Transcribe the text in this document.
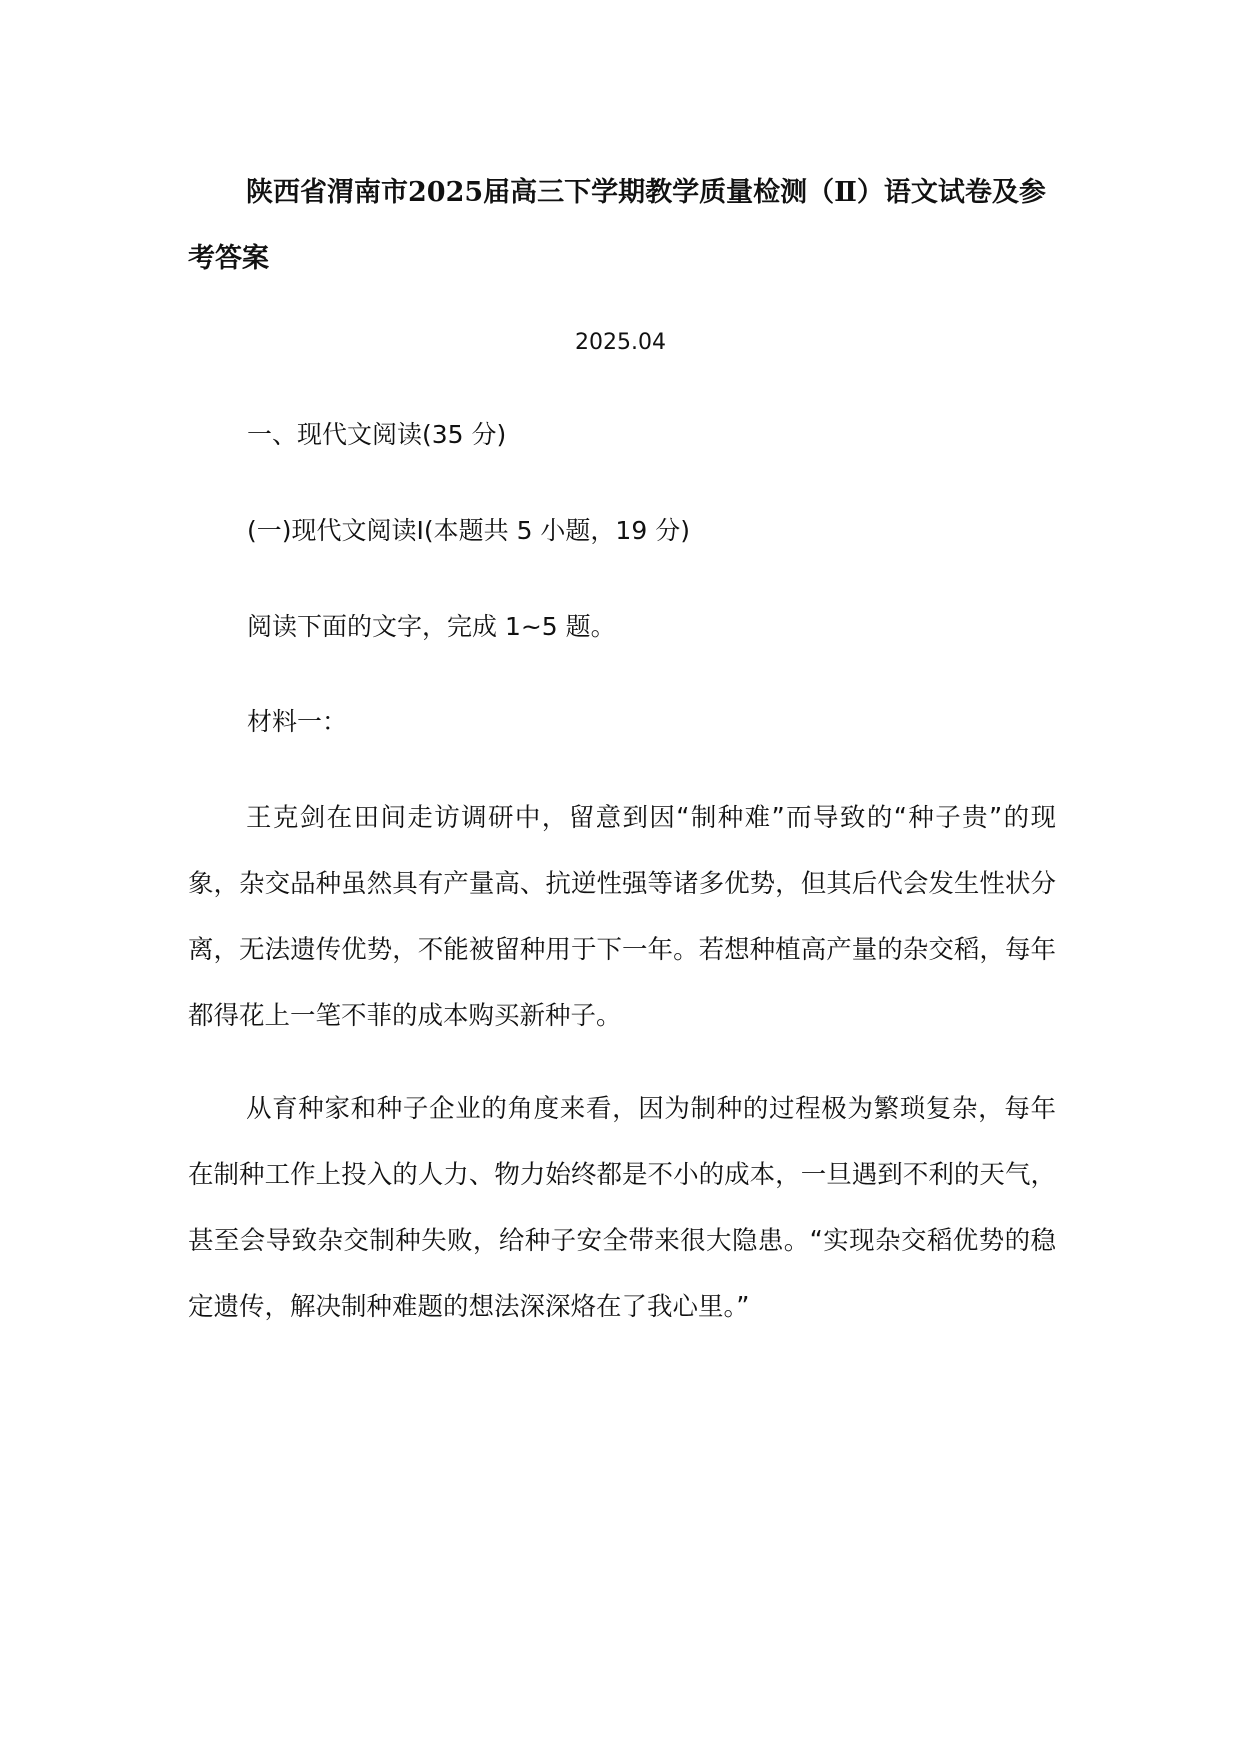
陕西省渭南市2025届高三下学期教学质量检测（Ⅱ）语文试卷及参考答案
2025.04
一、现代文阅读(35 分)
(一)现代文阅读Ⅰ(本题共 5 小题，19 分)
阅读下面的文字，完成 1~5 题。
材料一：
王克剑在田间走访调研中，留意到因“制种难”而导致的“种子贵”的现象，杂交品种虽然具有产量高、抗逆性强等诸多优势，但其后代会发生性状分离，无法遗传优势，不能被留种用于下一年。若想种植高产量的杂交稻，每年都得花上一笔不菲的成本购买新种子。
从育种家和种子企业的角度来看，因为制种的过程极为繁琐复杂，每年在制种工作上投入的人力、物力始终都是不小的成本，一旦遇到不利的天气，甚至会导致杂交制种失败，给种子安全带来很大隐患。“实现杂交稻优势的稳定遗传，解决制种难题的想法深深烙在了我心里。”
